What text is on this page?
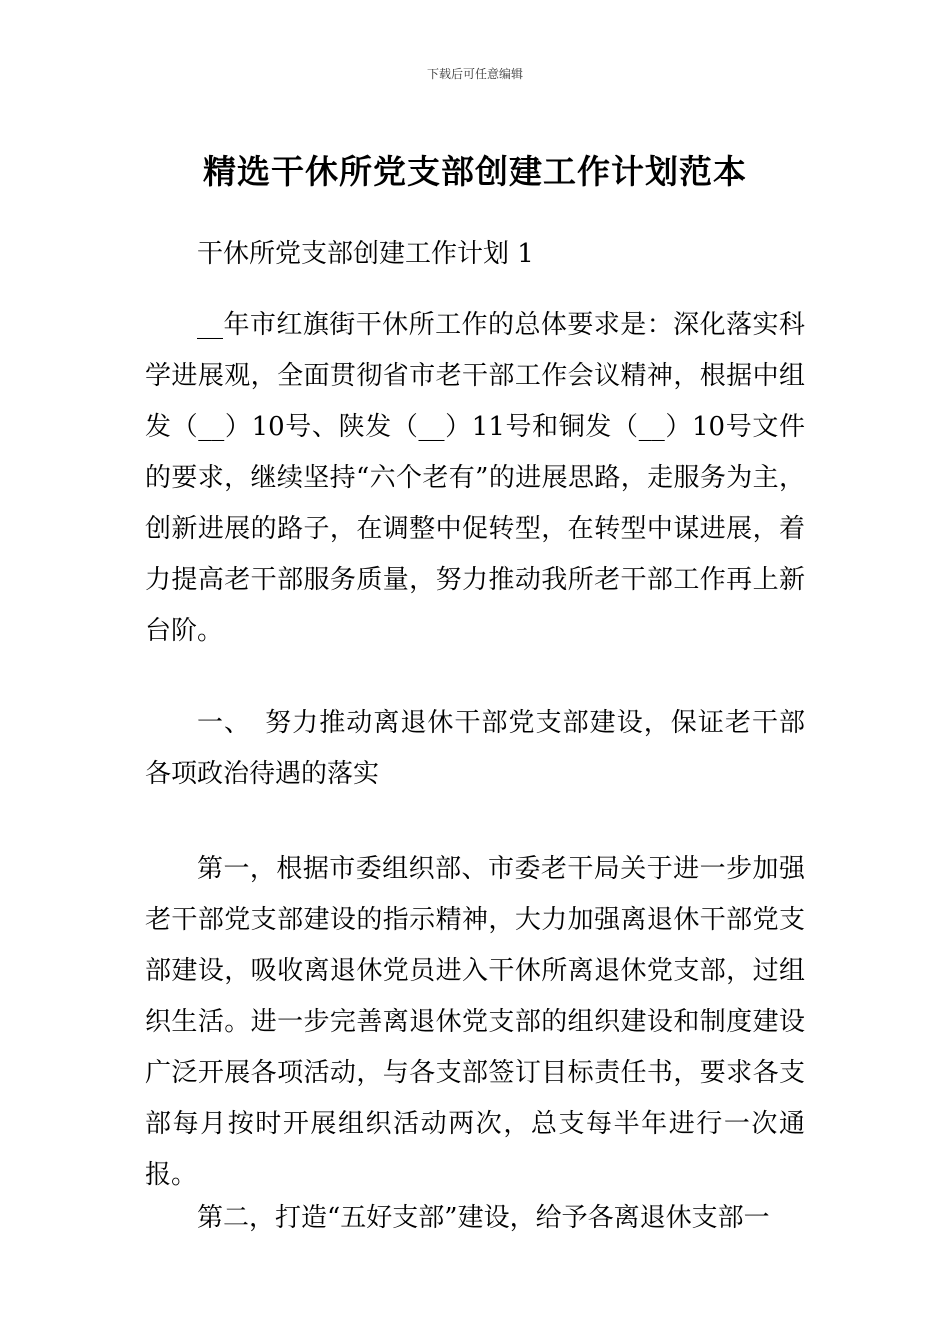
下载后可任意编辑
精选干休所党支部创建工作计划范本
干休所党支部创建工作计划 1

__年市红旗街干休所工作的总体要求是：深化落实科学进展观，全面贯彻省市老干部工作会议精神，根据中组发（__）10号、陕发（__）11号和铜发（__）10号文件的要求，继续坚持“六个老有”的进展思路，走服务为主，创新进展的路子，在调整中促转型，在转型中谋进展，着力提高老干部服务质量，努力推动我所老干部工作再上新台阶。

一、　努力推动离退休干部党支部建设，保证老干部各项政治待遇的落实

第一，根据市委组织部、市委老干局关于进一步加强老干部党支部建设的指示精神，大力加强离退休干部党支部建设，吸收离退休党员进入干休所离退休党支部，过组织生活。进一步完善离退休党支部的组织建设和制度建设广泛开展各项活动，与各支部签订目标责任书，要求各支部每月按时开展组织活动两次，总支每半年进行一次通报。

第二，打造“五好支部”建设，给予各离退休支部一
